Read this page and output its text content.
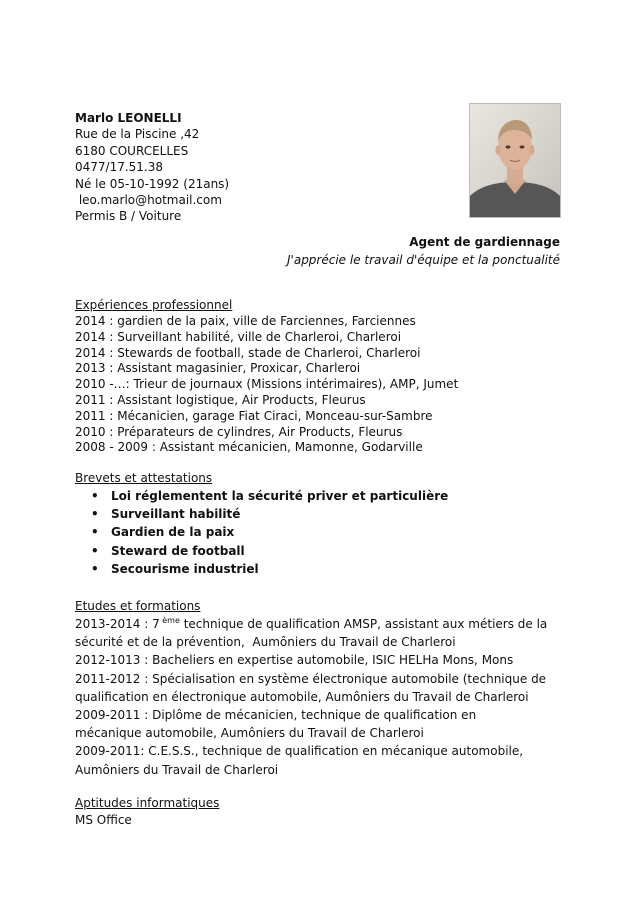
Marlo LEONELLI
Rue de la Piscine ,42
6180 COURCELLES
0477/17.51.38
Né le 05-10-1992 (21ans)
leo.marlo@hotmail.com
Permis B / Voiture
Agent de gardiennage
J'apprécie le travail d'équipe et la ponctualité
Expériences professionnel
2014 : gardien de la paix, ville de Farciennes, Farciennes
2014 : Surveillant habilité, ville de Charleroi, Charleroi
2014 : Stewards de football, stade de Charleroi, Charleroi
2013 : Assistant magasinier, Proxicar, Charleroi
2010 -…: Trieur de journaux (Missions intérimaires), AMP, Jumet
2011 : Assistant logistique, Air Products, Fleurus
2011 : Mécanicien, garage Fiat Ciraci, Monceau-sur-Sambre
2010 : Préparateurs de cylindres, Air Products, Fleurus
2008 - 2009 : Assistant mécanicien, Mamonne, Godarville
Brevets et attestations
• Loi réglementent la sécurité priver et particulière
• Surveillant habilité
• Gardien de la paix
• Steward de football
• Secourisme industriel
Etudes et formations
2013-2014 : 7 $^{ème}$ technique de qualification AMSP, assistant aux métiers de la
sécurité et de la prévention,  Aumôniers du Travail de Charleroi
2012-1013 : Bacheliers en expertise automobile, ISIC HELHa Mons, Mons
2011-2012 : Spécialisation en système électronique automobile (technique de
qualification en électronique automobile, Aumôniers du Travail de Charleroi
2009-2011 : Diplôme de mécanicien, technique de qualification en
mécanique automobile, Aumôniers du Travail de Charleroi
2009-2011: C.E.S.S., technique de qualification en mécanique automobile,
Aumôniers du Travail de Charleroi
Aptitudes informatiques
MS Office
